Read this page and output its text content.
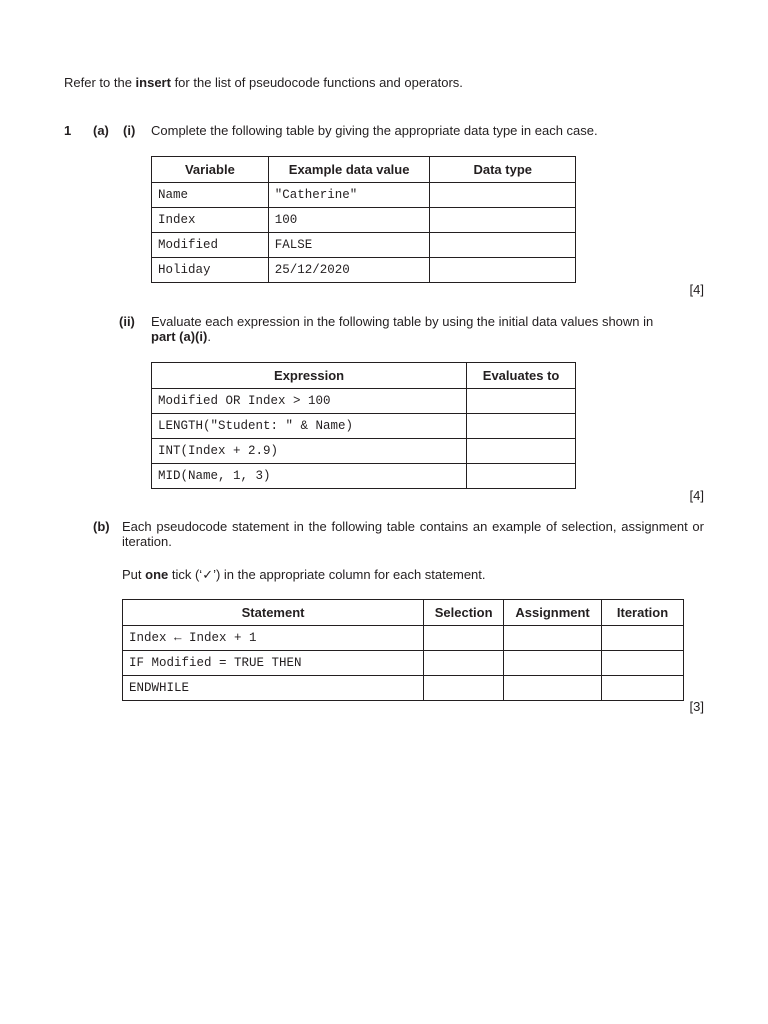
Refer to the insert for the list of pseudocode functions and operators.
1 (a) (i) Complete the following table by giving the appropriate data type in each case.
Variable	Example data value	Data type
Name	"Catherine"	
Index	100	
Modified	FALSE	
Holiday	25/12/2020	
[4]
(ii) Evaluate each expression in the following table by using the initial data values shown in
part (a)(i).
Expression	Evaluates to
Modified OR Index > 100	
LENGTH("Student: " & Name)	
INT(Index + 2.9)	
MID(Name, 1, 3)	
[4]
(b) Each pseudocode statement in the following table contains an example of selection, assignment or iteration.
Put one tick (‘✓’) in the appropriate column for each statement.
Statement	Selection	Assignment	Iteration
Index ← Index + 1			
IF Modified = TRUE THEN			
ENDWHILE			
[3]
